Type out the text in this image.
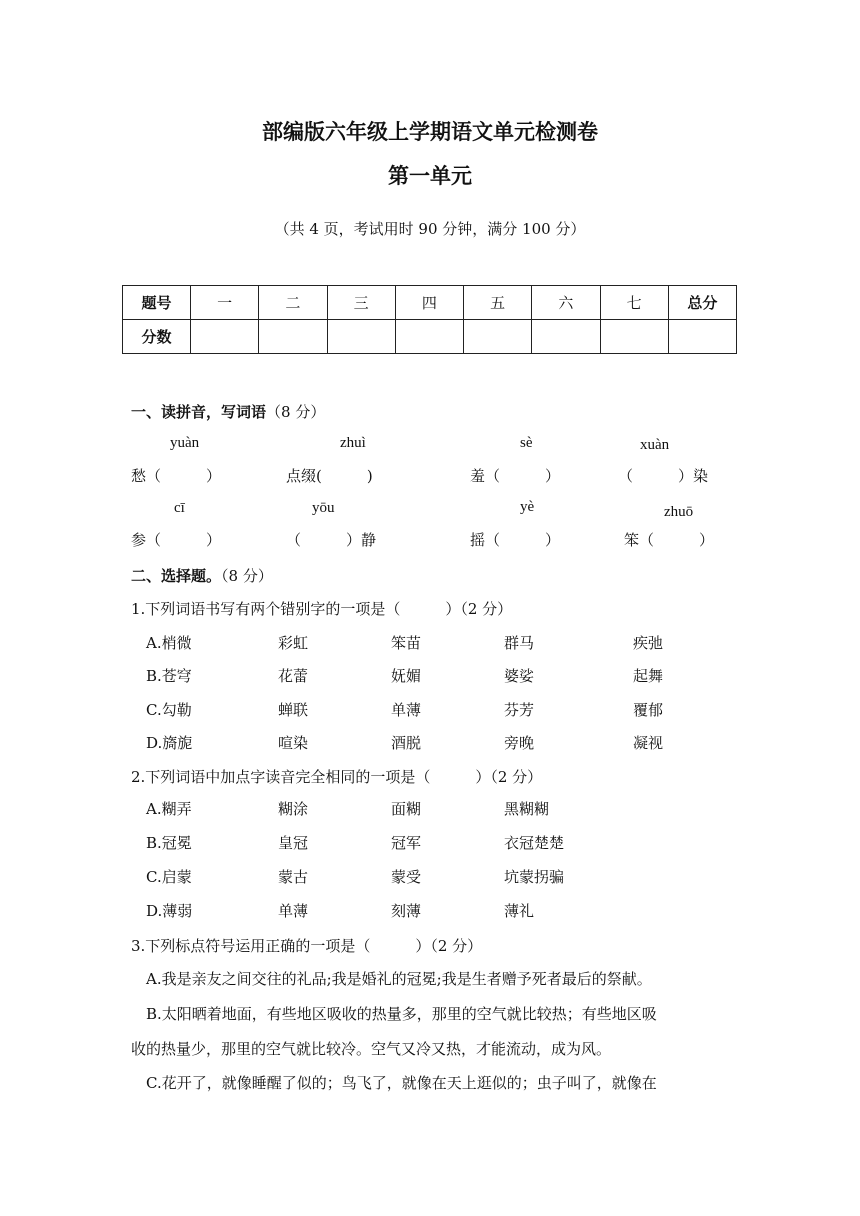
部编版六年级上学期语文单元检测卷
第一单元
（共 4 页，考试用时 90 分钟，满分 100 分）
题号	一	二	三	四	五	六	七	总分
分数								
一、读拼音，写词语（8 分）
yuàn	zhuì	sè	xuàn
愁（　　　）	点缀(　　　)	羞（　　　）	（　　　）染
cī	yōu	yè	zhuō
参（　　　）	（　　　）静	摇（　　　）	笨（　　　）
二、选择题。（8 分）
1.下列词语书写有两个错别字的一项是（　　　）（2 分）
A.梢微	彩虹	笨苗	群马	疾弛
B.苍穹	花蕾	妩媚	婆娑	起舞
C.勾勒	蝉联	单薄	芬芳	覆郁
D.旖旎	喧染	酒脱	旁晚	凝视
2.下列词语中加点字读音完全相同的一项是（　　　）（2 分）
A.糊弄	糊涂	面糊	黑糊糊
B.冠冕	皇冠	冠军	衣冠楚楚
C.启蒙	蒙古	蒙受	坑蒙拐骗
D.薄弱	单薄	刻薄	薄礼
3.下列标点符号运用正确的一项是（　　　）（2 分）
A.我是亲友之间交往的礼品;我是婚礼的冠冕;我是生者赠予死者最后的祭献。
B.太阳晒着地面，有些地区吸收的热量多，那里的空气就比较热；有些地区吸
收的热量少，那里的空气就比较冷。空气又冷又热，才能流动，成为风。
C.花开了，就像睡醒了似的；鸟飞了，就像在天上逛似的；虫子叫了，就像在
